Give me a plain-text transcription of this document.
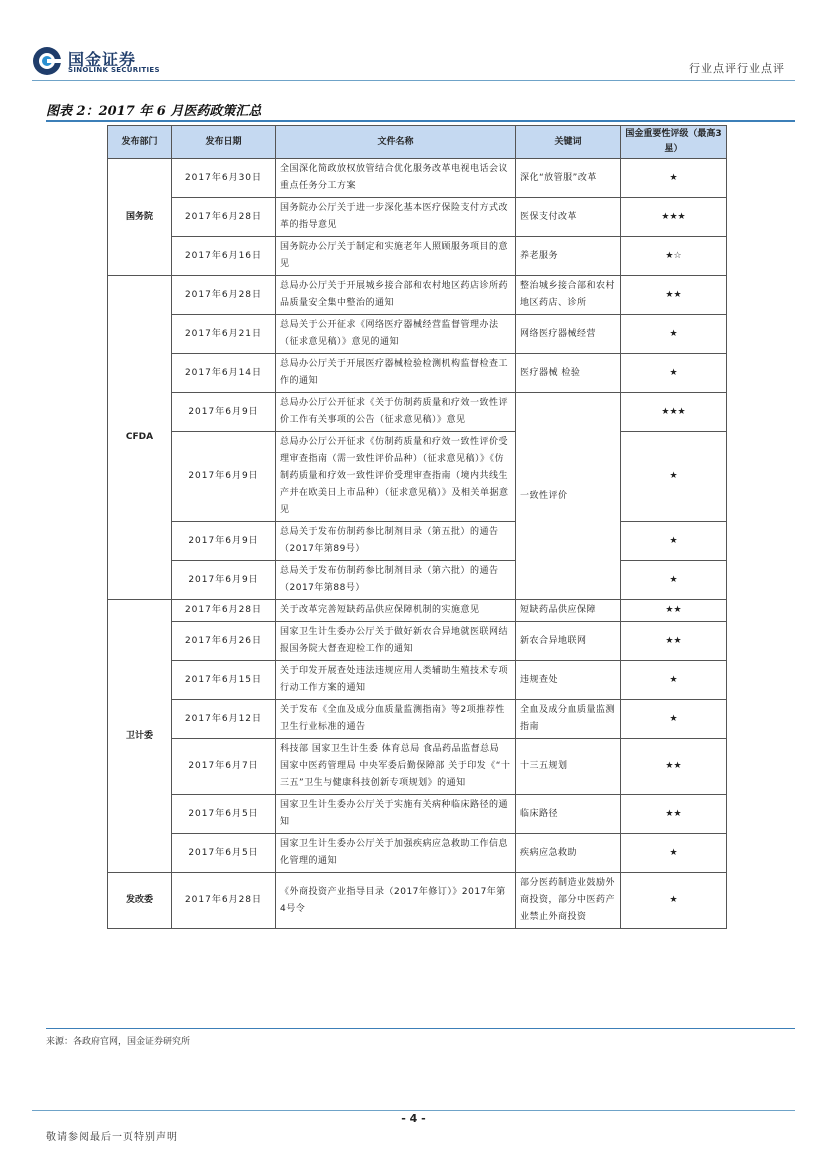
国金证券
SINOLINK SECURITIES	行业点评行业点评
图表 2：2017 年 6 月医药政策汇总
发布部门	发布日期	文件名称	关键词	国金重要性评级（最高3星）
国务院	2017年6月30日	全国深化简政放权放管结合优化服务改革电视电话会议重点任务分工方案	深化“放管服”改革	★
	2017年6月28日	国务院办公厅关于进一步深化基本医疗保险支付方式改革的指导意见	医保支付改革	★★★
	2017年6月16日	国务院办公厅关于制定和实施老年人照顾服务项目的意见	养老服务	★☆
CFDA	2017年6月28日	总局办公厅关于开展城乡接合部和农村地区药店诊所药品质量安全集中整治的通知	整治城乡接合部和农村地区药店、诊所	★★
	2017年6月21日	总局关于公开征求《网络医疗器械经营监督管理办法（征求意见稿）》意见的通知	网络医疗器械经营	★
	2017年6月14日	总局办公厅关于开展医疗器械检验检测机构监督检查工作的通知	医疗器械 检验	★
	2017年6月9日	总局办公厅公开征求《关于仿制药质量和疗效一致性评价工作有关事项的公告（征求意见稿）》意见	一致性评价	★★★
	2017年6月9日	总局办公厅公开征求《仿制药质量和疗效一致性评价受理审查指南（需一致性评价品种）（征求意见稿）》《仿制药质量和疗效一致性评价受理审查指南（境内共线生产并在欧美日上市品种）（征求意见稿）》及相关单据意见		★
	2017年6月9日	总局关于发布仿制药参比制剂目录（第五批）的通告（2017年第89号）		★
	2017年6月9日	总局关于发布仿制药参比制剂目录（第六批）的通告（2017年第88号）		★
卫计委	2017年6月28日	关于改革完善短缺药品供应保障机制的实施意见	短缺药品供应保障	★★
	2017年6月26日	国家卫生计生委办公厅关于做好新农合异地就医联网结报国务院大督查迎检工作的通知	新农合异地联网	★★
	2017年6月15日	关于印发开展查处违法违规应用人类辅助生殖技术专项行动工作方案的通知	违规查处	★
	2017年6月12日	关于发布《全血及成分血质量监测指南》等2项推荐性卫生行业标准的通告	全血及成分血质量监测指南	★
	2017年6月7日	科技部 国家卫生计生委 体育总局 食品药品监督总局 国家中医药管理局 中央军委后勤保障部 关于印发《“十三五”卫生与健康科技创新专项规划》的通知	十三五规划	★★
	2017年6月5日	国家卫生计生委办公厅关于实施有关病种临床路径的通知	临床路径	★★
	2017年6月5日	国家卫生计生委办公厅关于加强疾病应急救助工作信息化管理的通知	疾病应急救助	★
发改委	2017年6月28日	《外商投资产业指导目录（2017年修订）》2017年第4号令	部分医药制造业鼓励外商投资，部分中医药产业禁止外商投资	★
来源：各政府官网，国金证券研究所
- 4 -
敬请参阅最后一页特别声明
